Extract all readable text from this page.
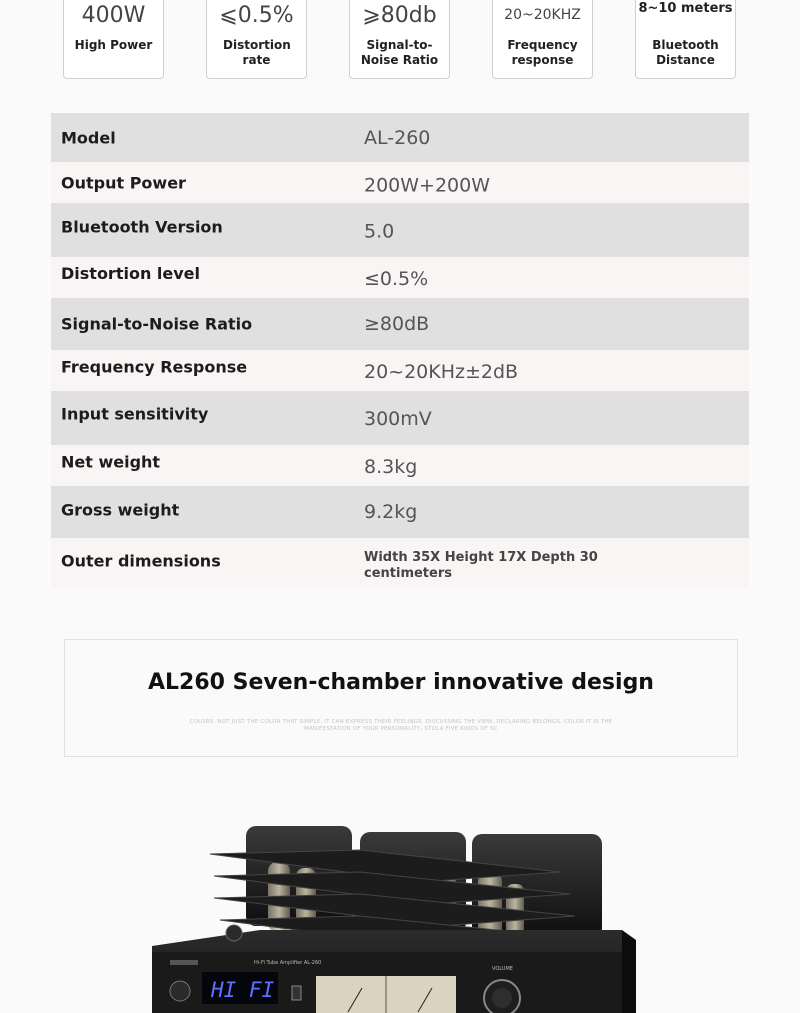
400W
High Power
⩽0.5%
Distortion rate
⩾80db
Signal-to-Noise Ratio
20~20KHZ
Frequency response
8~10 meters
Bluetooth Distance
Model	AL-260
Output Power	200W+200W
Bluetooth Version	5.0
Distortion level	≤0.5%
Signal-to-Noise Ratio	≥80dB
Frequency Response	20~20KHz±2dB
Input sensitivity	300mV
Net weight	8.3kg
Gross weight	9.2kg
Outer dimensions	Width 35X Height 17X Depth 30 centimeters
AL260 Seven-chamber innovative design
COLORS, NOT JUST THE COLOR THAT SIMPLE, IT CAN EXPRESS THEIR FEELINGS, DISCUSSING THE VIEW, DECLARING BELONGS, COLOR IT IS THE MANIFESTATION OF YOUR PERSONALITY, STOLA FIVE KINDS OF SC
Hi-Fi Tube Amplifier AL-260
VOLUME
HI FI
